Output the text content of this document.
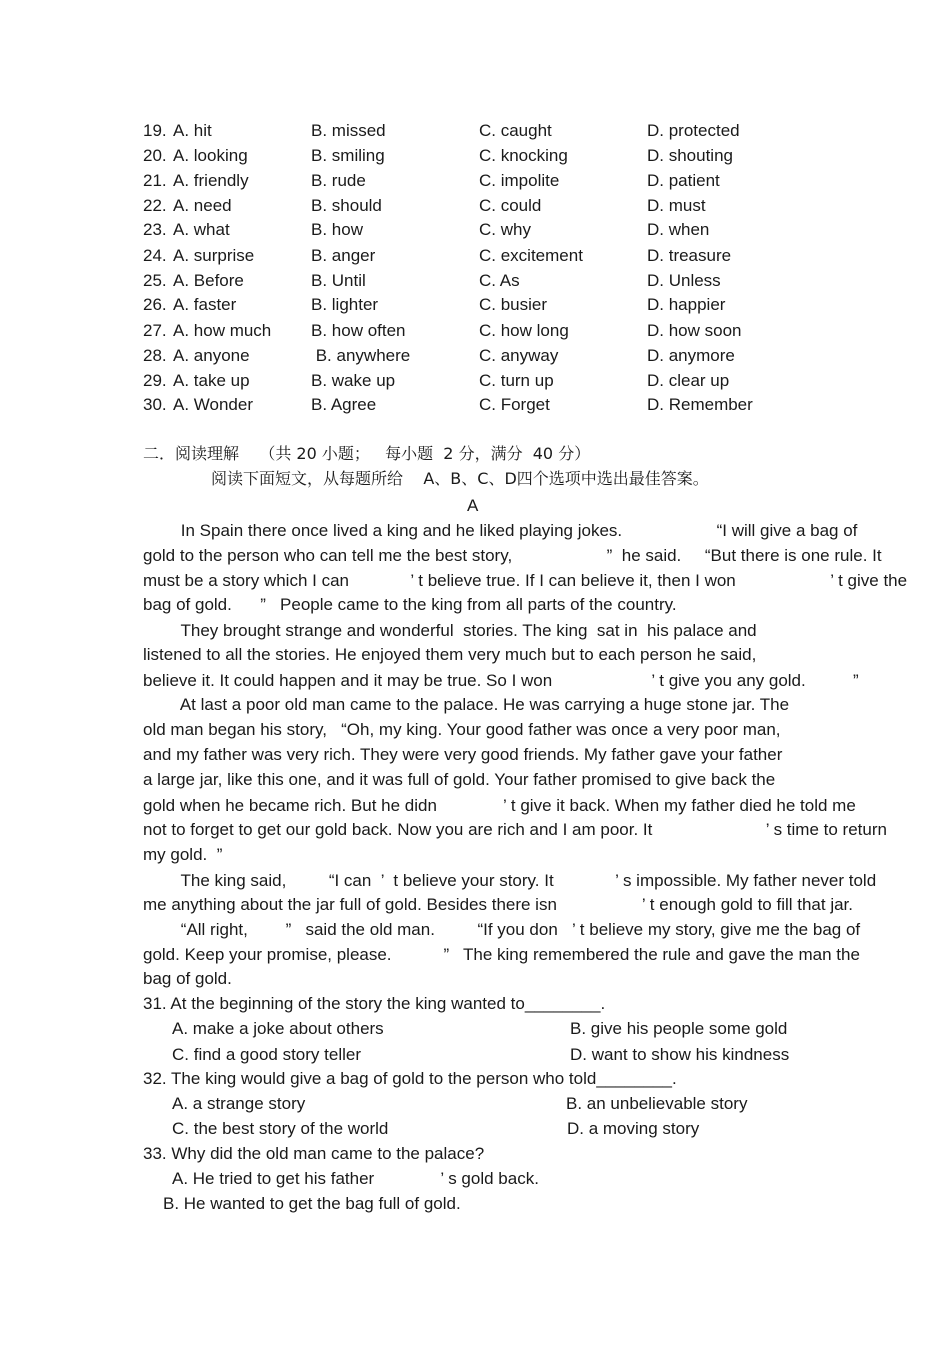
19. A. hit	B. missed	C. caught	D. protected
20. A. looking	B. smiling	C. knocking	D. shouting
21. A. friendly	B. rude	C. impolite	D. patient
22. A. need	B. should	C. could	D. must
23. A. what	B. how	C. why	D. when
24. A. surprise	B. anger	C. excitement	D. treasure
25. A. Before	B. Until	C. As	D. Unless
26. A. faster	B. lighter	C. busier	D. happier
27. A. how much B. how often	C. how long	D. how soon
28. A. anyone	B. anywhere	C. anyway	D. anymore
29. A. take up	B. wake up	C. turn up	D. clear up
30. A. Wonder	B. Agree	C. Forget	D. Remember
二．阅读理解    （共 20 小题；   每小题  2 分，满分  40 分）
阅读下面短文，从每题所给    A、B、C、D四个选项中选出最佳答案。
A
In Spain there once lived a king and he liked playing jokes.                    “I will give a bag of
gold to the person who can tell me the best story,                    ”  he said.     “But there is one rule. It
must be a story which I can             ’ t believe true. If I can believe it, then I won                    ’ t give the
bag of gold.      ”   People came to the king from all parts of the country.
They brought strange and wonderful  stories. The king  sat in  his palace and
listened to all the stories. He enjoyed them very much but to each person he said,
believe it. It could happen and it may be true. So I won                     ’ t give you any gold.          ”
At last a poor old man came to the palace. He was carrying a huge stone jar. The
old man began his story,   “Oh, my king. Your good father was once a very poor man,
and my father was very rich. They were very good friends. My father gave your father
a large jar, like this one, and it was full of gold. Your father promised to give back the
gold when he became rich. But he didn              ’ t give it back. When my father died he told me
not to forget to get our gold back. Now you are rich and I am poor. It                        ’ s time to return
my gold.  ”
The king said,         “I can  ’  t believe your story. It             ’ s impossible. My father never told
me anything about the jar full of gold. Besides there isn                  ’ t enough gold to fill that jar.
“All right,        ”   said the old man.         “If you don   ’ t believe my story, give me the bag of
gold. Keep your promise, please.           ”   The king remembered the rule and gave the man the
bag of gold.
31. At the beginning of the story the king wanted to________.
A. make a joke about others	B. give his people some gold
C. find a good story teller	D. want to show his kindness
32. The king would give a bag of gold to the person who told________.
A. a strange story	B. an unbelievable story
C. the best story of the world	D. a moving story
33. Why did the old man came to the palace?
A. He tried to get his father              ’ s gold back.
B. He wanted to get the bag full of gold.
